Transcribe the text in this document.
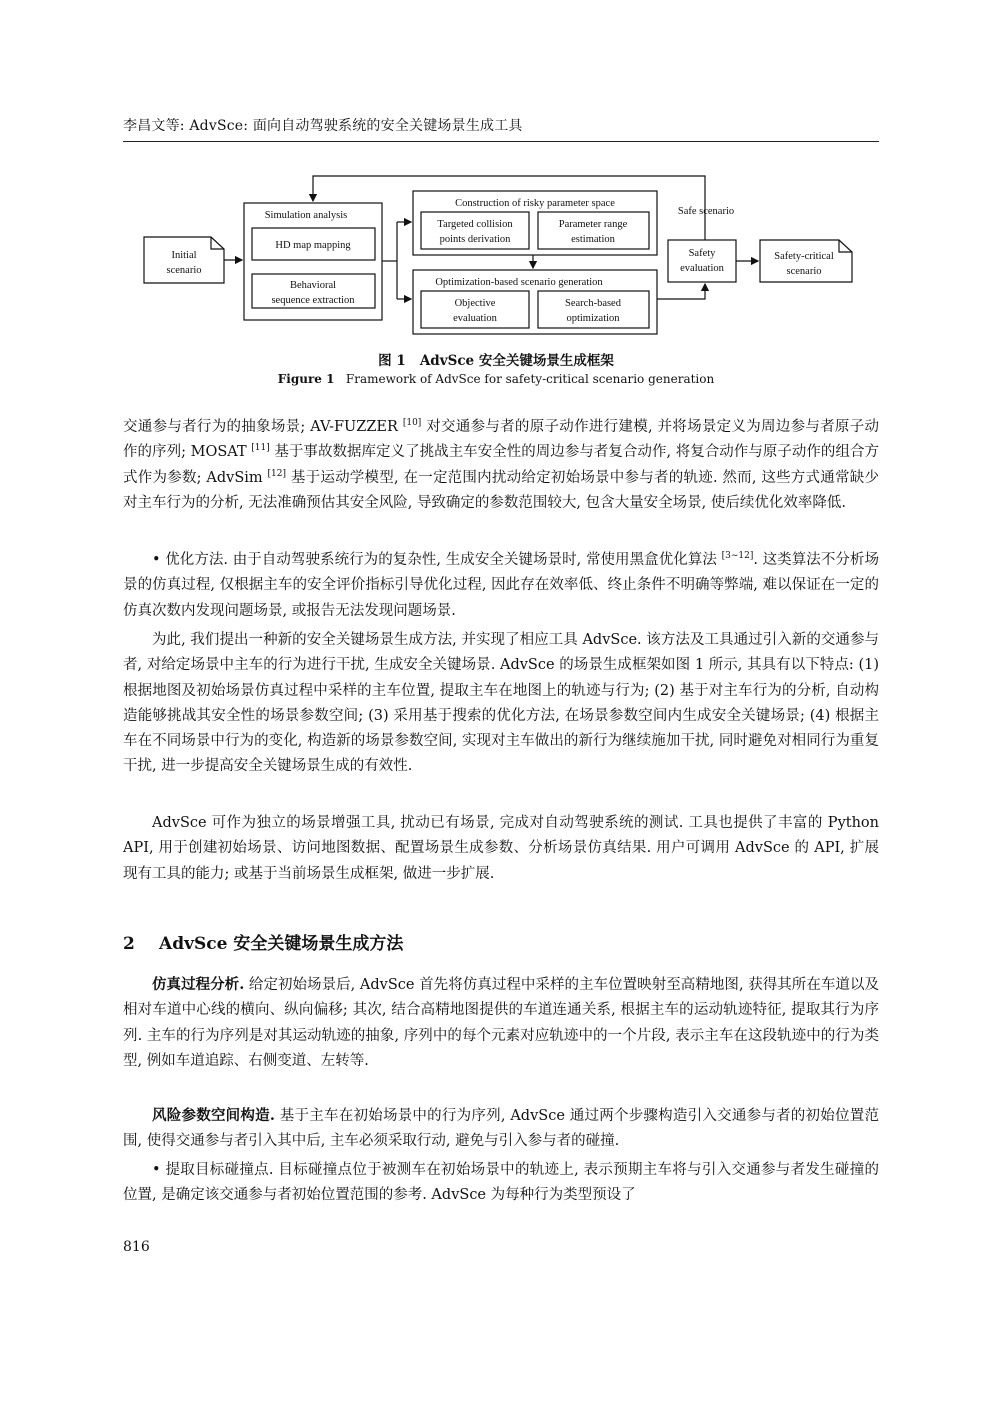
李昌文等: AdvSce: 面向自动驾驶系统的安全关键场景生成工具
Initial
scenario
Simulation analysis
HD map mapping
Behavioral
sequence extraction
Construction of risky parameter space
Targeted collision
points derivation
Parameter range
estimation
Optimization-based scenario generation
Objective
evaluation
Search-based
optimization
Safe scenario
Safety
evaluation
Safety-critical
scenario
图 1   AdvSce 安全关键场景生成框架
Figure 1 Framework of AdvSce for safety-critical scenario generation
交通参与者行为的抽象场景; AV-FUZZER [10] 对交通参与者的原子动作进行建模, 并将场景定义为周边参与者原子动作的序列; MOSAT [11] 基于事故数据库定义了挑战主车安全性的周边参与者复合动作, 将复合动作与原子动作的组合方式作为参数; AdvSim [12] 基于运动学模型, 在一定范围内扰动给定初始场景中参与者的轨迹. 然而, 这些方式通常缺少对主车行为的分析, 无法准确预估其安全风险, 导致确定的参数范围较大, 包含大量安全场景, 使后续优化效率降低.
• 优化方法. 由于自动驾驶系统行为的复杂性, 生成安全关键场景时, 常使用黑盒优化算法 [3∼12]. 这类算法不分析场景的仿真过程, 仅根据主车的安全评价指标引导优化过程, 因此存在效率低、终止条件不明确等弊端, 难以保证在一定的仿真次数内发现问题场景, 或报告无法发现问题场景.
为此, 我们提出一种新的安全关键场景生成方法, 并实现了相应工具 AdvSce. 该方法及工具通过引入新的交通参与者, 对给定场景中主车的行为进行干扰, 生成安全关键场景. AdvSce 的场景生成框架如图 1 所示, 其具有以下特点: (1) 根据地图及初始场景仿真过程中采样的主车位置, 提取主车在地图上的轨迹与行为; (2) 基于对主车行为的分析, 自动构造能够挑战其安全性的场景参数空间; (3) 采用基于搜索的优化方法, 在场景参数空间内生成安全关键场景; (4) 根据主车在不同场景中行为的变化, 构造新的场景参数空间, 实现对主车做出的新行为继续施加干扰, 同时避免对相同行为重复干扰, 进一步提高安全关键场景生成的有效性.
AdvSce 可作为独立的场景增强工具, 扰动已有场景, 完成对自动驾驶系统的测试. 工具也提供了丰富的 Python API, 用于创建初始场景、访问地图数据、配置场景生成参数、分析场景仿真结果. 用户可调用 AdvSce 的 API, 扩展现有工具的能力; 或基于当前场景生成框架, 做进一步扩展.
2 AdvSce 安全关键场景生成方法
仿真过程分析. 给定初始场景后, AdvSce 首先将仿真过程中采样的主车位置映射至高精地图, 获得其所在车道以及相对车道中心线的横向、纵向偏移; 其次, 结合高精地图提供的车道连通关系, 根据主车的运动轨迹特征, 提取其行为序列. 主车的行为序列是对其运动轨迹的抽象, 序列中的每个元素对应轨迹中的一个片段, 表示主车在这段轨迹中的行为类型, 例如车道追踪、右侧变道、左转等.
风险参数空间构造. 基于主车在初始场景中的行为序列, AdvSce 通过两个步骤构造引入交通参与者的初始位置范围, 使得交通参与者引入其中后, 主车必须采取行动, 避免与引入参与者的碰撞.
• 提取目标碰撞点. 目标碰撞点位于被测车在初始场景中的轨迹上, 表示预期主车将与引入交通参与者发生碰撞的位置, 是确定该交通参与者初始位置范围的参考. AdvSce 为每种行为类型预设了
816
